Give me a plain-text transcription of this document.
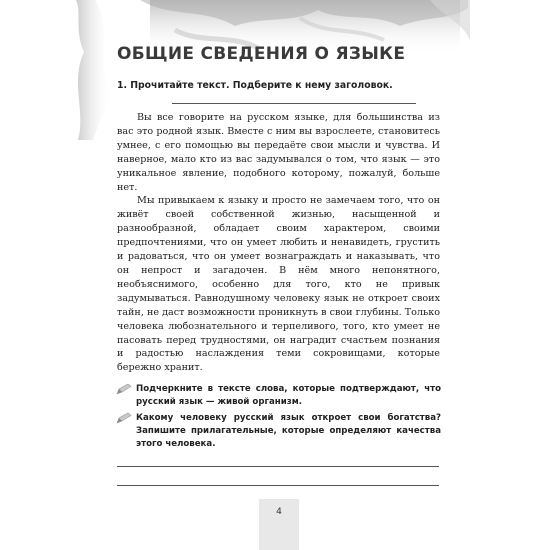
ОБЩИЕ СВЕДЕНИЯ О ЯЗЫКЕ
1. Прочитайте текст. Подберите к нему заголовок.

Вы все говорите на русском языке, для большинства из вас это родной язык. Вместе с ним вы взрослеете, становитесь умнее, с его помощью вы передаёте свои мысли и чувства. И наверное, мало кто из вас задумывался о том, что язык — это уникальное явление, подобного которому, пожалуй, больше нет.

Мы привыкаем к языку и просто не замечаем того, что он живёт своей собственной жизнью, насыщенной и разнообразной, обладает своим характером, своими предпочтениями, что он умеет любить и ненавидеть, грустить и радоваться, что он умеет вознаграждать и наказывать, что он непрост и загадочен. В нём много непонятного, необъяснимого, особенно для того, кто не привык задумываться. Равнодушному человеку язык не откроет своих тайн, не даст возможности проникнуть в свои глубины. Только человека любознательного и терпеливого, того, кто умеет не пасовать перед трудностями, он наградит счастьем познания и радостью наслаждения теми сокровищами, которые бережно хранит.

Подчеркните в тексте слова, которые подтверждают, что русский язык — живой организм.

Какому человеку русский язык откроет свои богатства? Запишите прилагательные, которые определяют качества этого человека.

4
